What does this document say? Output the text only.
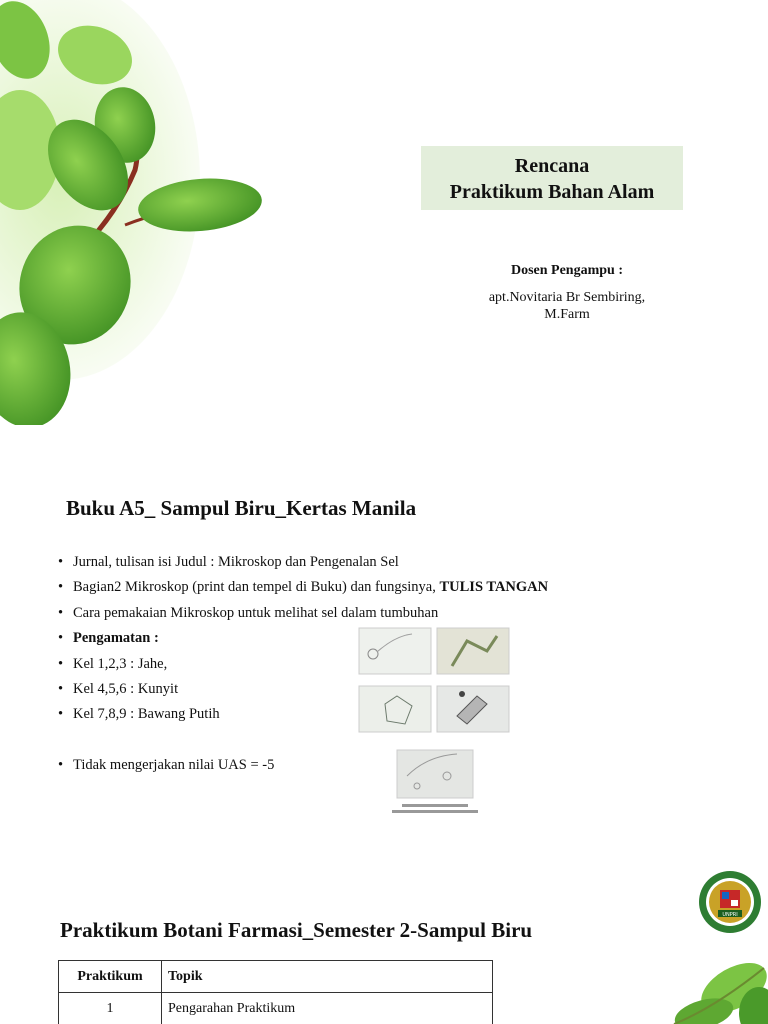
Rencana
Praktikum Bahan Alam
Dosen Pengampu :
apt.Novitaria Br Sembiring,
M.Farm
Buku A5_ Sampul Biru_Kertas Manila
• Jurnal, tulisan isi Judul : Mikroskop dan Pengenalan Sel
• Bagian2 Mikroskop (print dan tempel di Buku) dan fungsinya, TULIS TANGAN
• Cara pemakaian Mikroskop untuk melihat sel dalam tumbuhan
• Pengamatan :
• Kel 1,2,3 : Jahe,
• Kel 4,5,6 : Kunyit
• Kel 7,8,9 : Bawang Putih
• Tidak mengerjakan nilai UAS = -5
UNPRI
Praktikum Botani Farmasi_Semester 2-Sampul Biru
Praktikum	Topik
1	Pengarahan Praktikum
